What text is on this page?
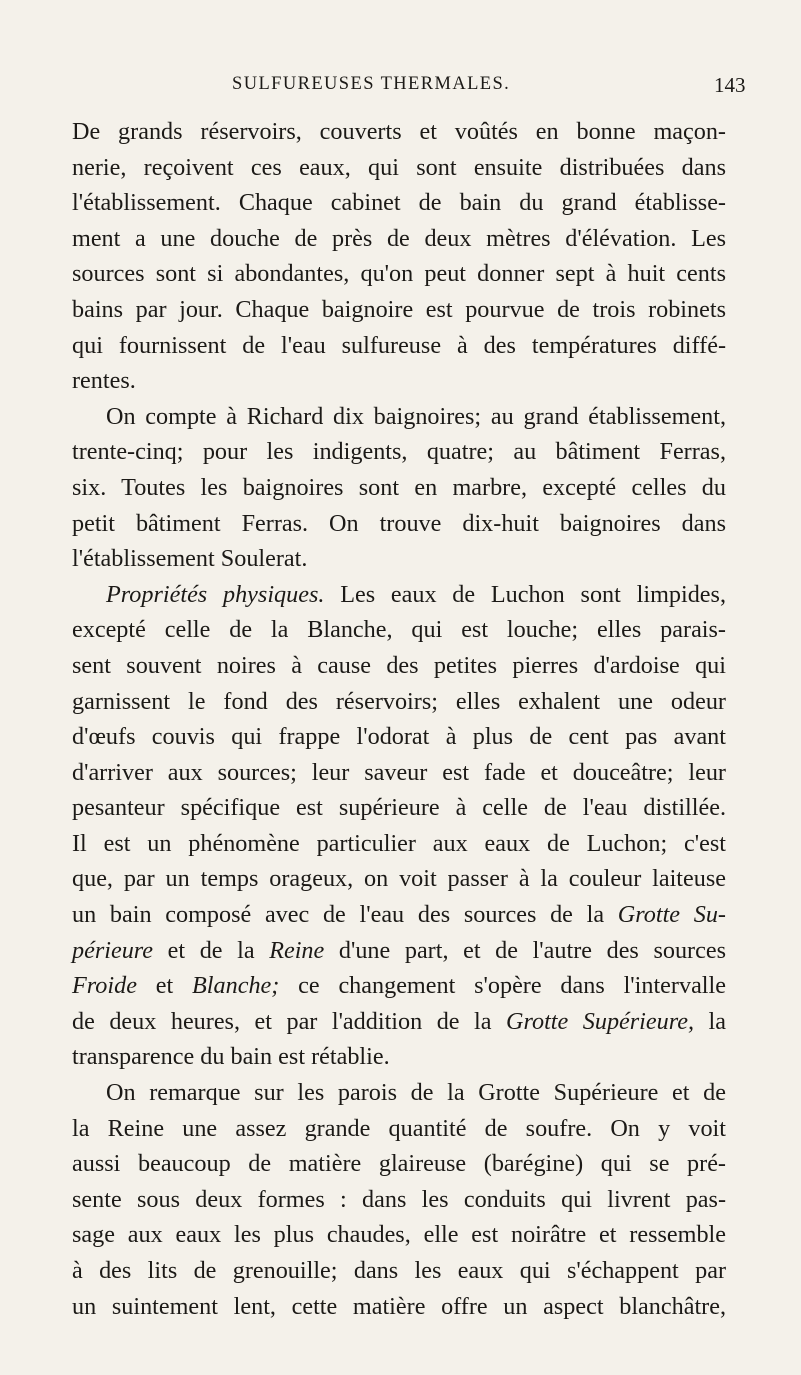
SULFUREUSES THERMALES.	143
De grands réservoirs, couverts et voûtés en bonne maçon-
nerie, reçoivent ces eaux, qui sont ensuite distribuées dans
l'établissement. Chaque cabinet de bain du grand établisse-
ment a une douche de près de deux mètres d'élévation. Les
sources sont si abondantes, qu'on peut donner sept à huit cents
bains par jour. Chaque baignoire est pourvue de trois robinets
qui fournissent de l'eau sulfureuse à des températures diffé-
rentes.
On compte à Richard dix baignoires; au grand établissement,
trente-cinq; pour les indigents, quatre; au bâtiment Ferras,
six. Toutes les baignoires sont en marbre, excepté celles du
petit bâtiment Ferras. On trouve dix-huit baignoires dans
l'établissement Soulerat.
Propriétés physiques. Les eaux de Luchon sont limpides,
excepté celle de la Blanche, qui est louche; elles parais-
sent souvent noires à cause des petites pierres d'ardoise qui
garnissent le fond des réservoirs; elles exhalent une odeur
d'œufs couvis qui frappe l'odorat à plus de cent pas avant
d'arriver aux sources; leur saveur est fade et douceâtre; leur
pesanteur spécifique est supérieure à celle de l'eau distillée.
Il est un phénomène particulier aux eaux de Luchon; c'est
que, par un temps orageux, on voit passer à la couleur laiteuse
un bain composé avec de l'eau des sources de la Grotte Su-
périeure et de la Reine d'une part, et de l'autre des sources
Froide et Blanche; ce changement s'opère dans l'intervalle
de deux heures, et par l'addition de la Grotte Supérieure, la
transparence du bain est rétablie.
On remarque sur les parois de la Grotte Supérieure et de
la Reine une assez grande quantité de soufre. On y voit
aussi beaucoup de matière glaireuse (barégine) qui se pré-
sente sous deux formes : dans les conduits qui livrent pas-
sage aux eaux les plus chaudes, elle est noirâtre et ressemble
à des lits de grenouille; dans les eaux qui s'échappent par
un suintement lent, cette matière offre un aspect blanchâtre,
